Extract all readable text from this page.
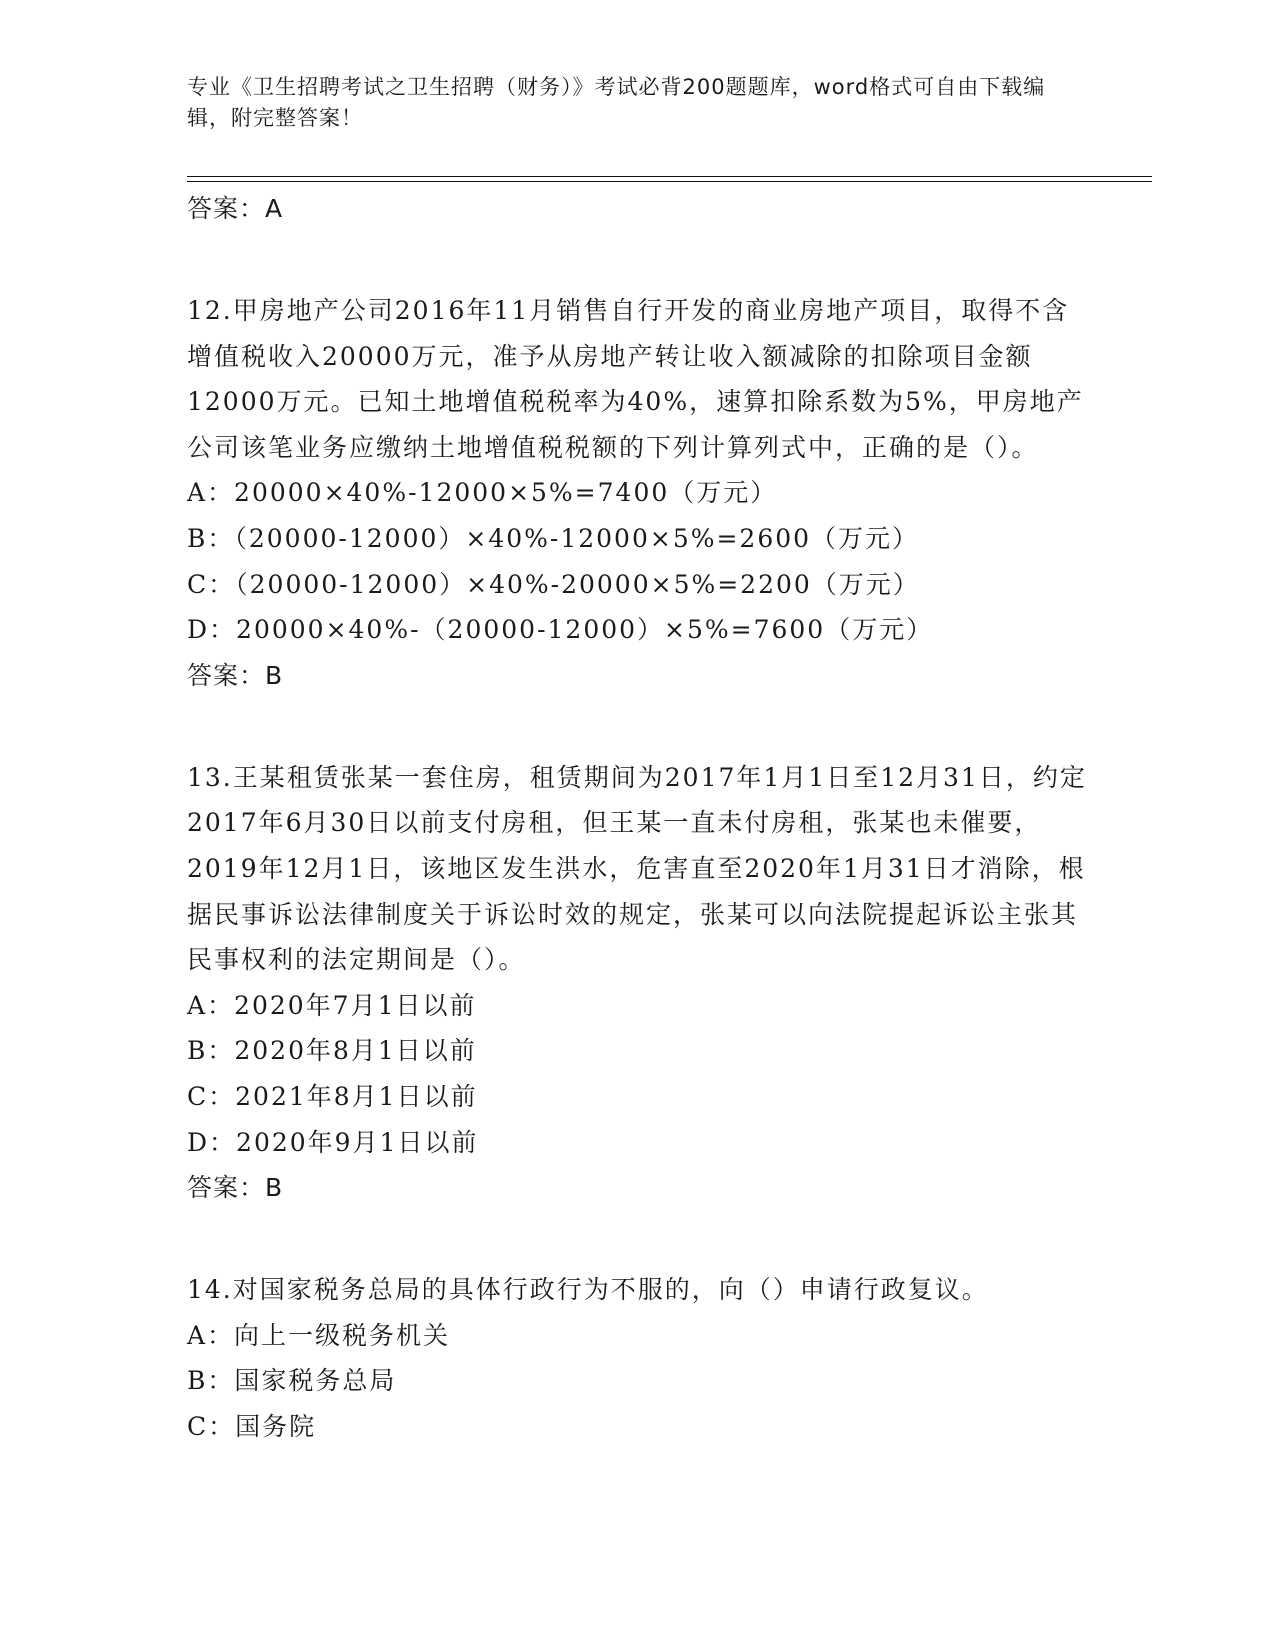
专业《卫生招聘考试之卫生招聘（财务）》考试必背200题题库，word格式可自由下载编辑，附完整答案！
答案：A
12.甲房地产公司2016年11月销售自行开发的商业房地产项目，取得不含增值税收入20000万元，准予从房地产转让收入额减除的扣除项目金额12000万元。已知土地增值税税率为40%，速算扣除系数为5%，甲房地产公司该笔业务应缴纳土地增值税税额的下列计算列式中，正确的是（）。
A：20000×40%-12000×5%=7400（万元）
B：（20000-12000）×40%-12000×5%=2600（万元）
C：（20000-12000）×40%-20000×5%=2200（万元）
D：20000×40%-（20000-12000）×5%=7600（万元）
答案：B
13.王某租赁张某一套住房，租赁期间为2017年1月1日至12月31日，约定2017年6月30日以前支付房租，但王某一直未付房租，张某也未催要，2019年12月1日，该地区发生洪水，危害直至2020年1月31日才消除，根据民事诉讼法律制度关于诉讼时效的规定，张某可以向法院提起诉讼主张其民事权利的法定期间是（）。
A：2020年7月1日以前
B：2020年8月1日以前
C：2021年8月1日以前
D：2020年9月1日以前
答案：B
14.对国家税务总局的具体行政行为不服的，向（）申请行政复议。
A：向上一级税务机关
B：国家税务总局
C：国务院
